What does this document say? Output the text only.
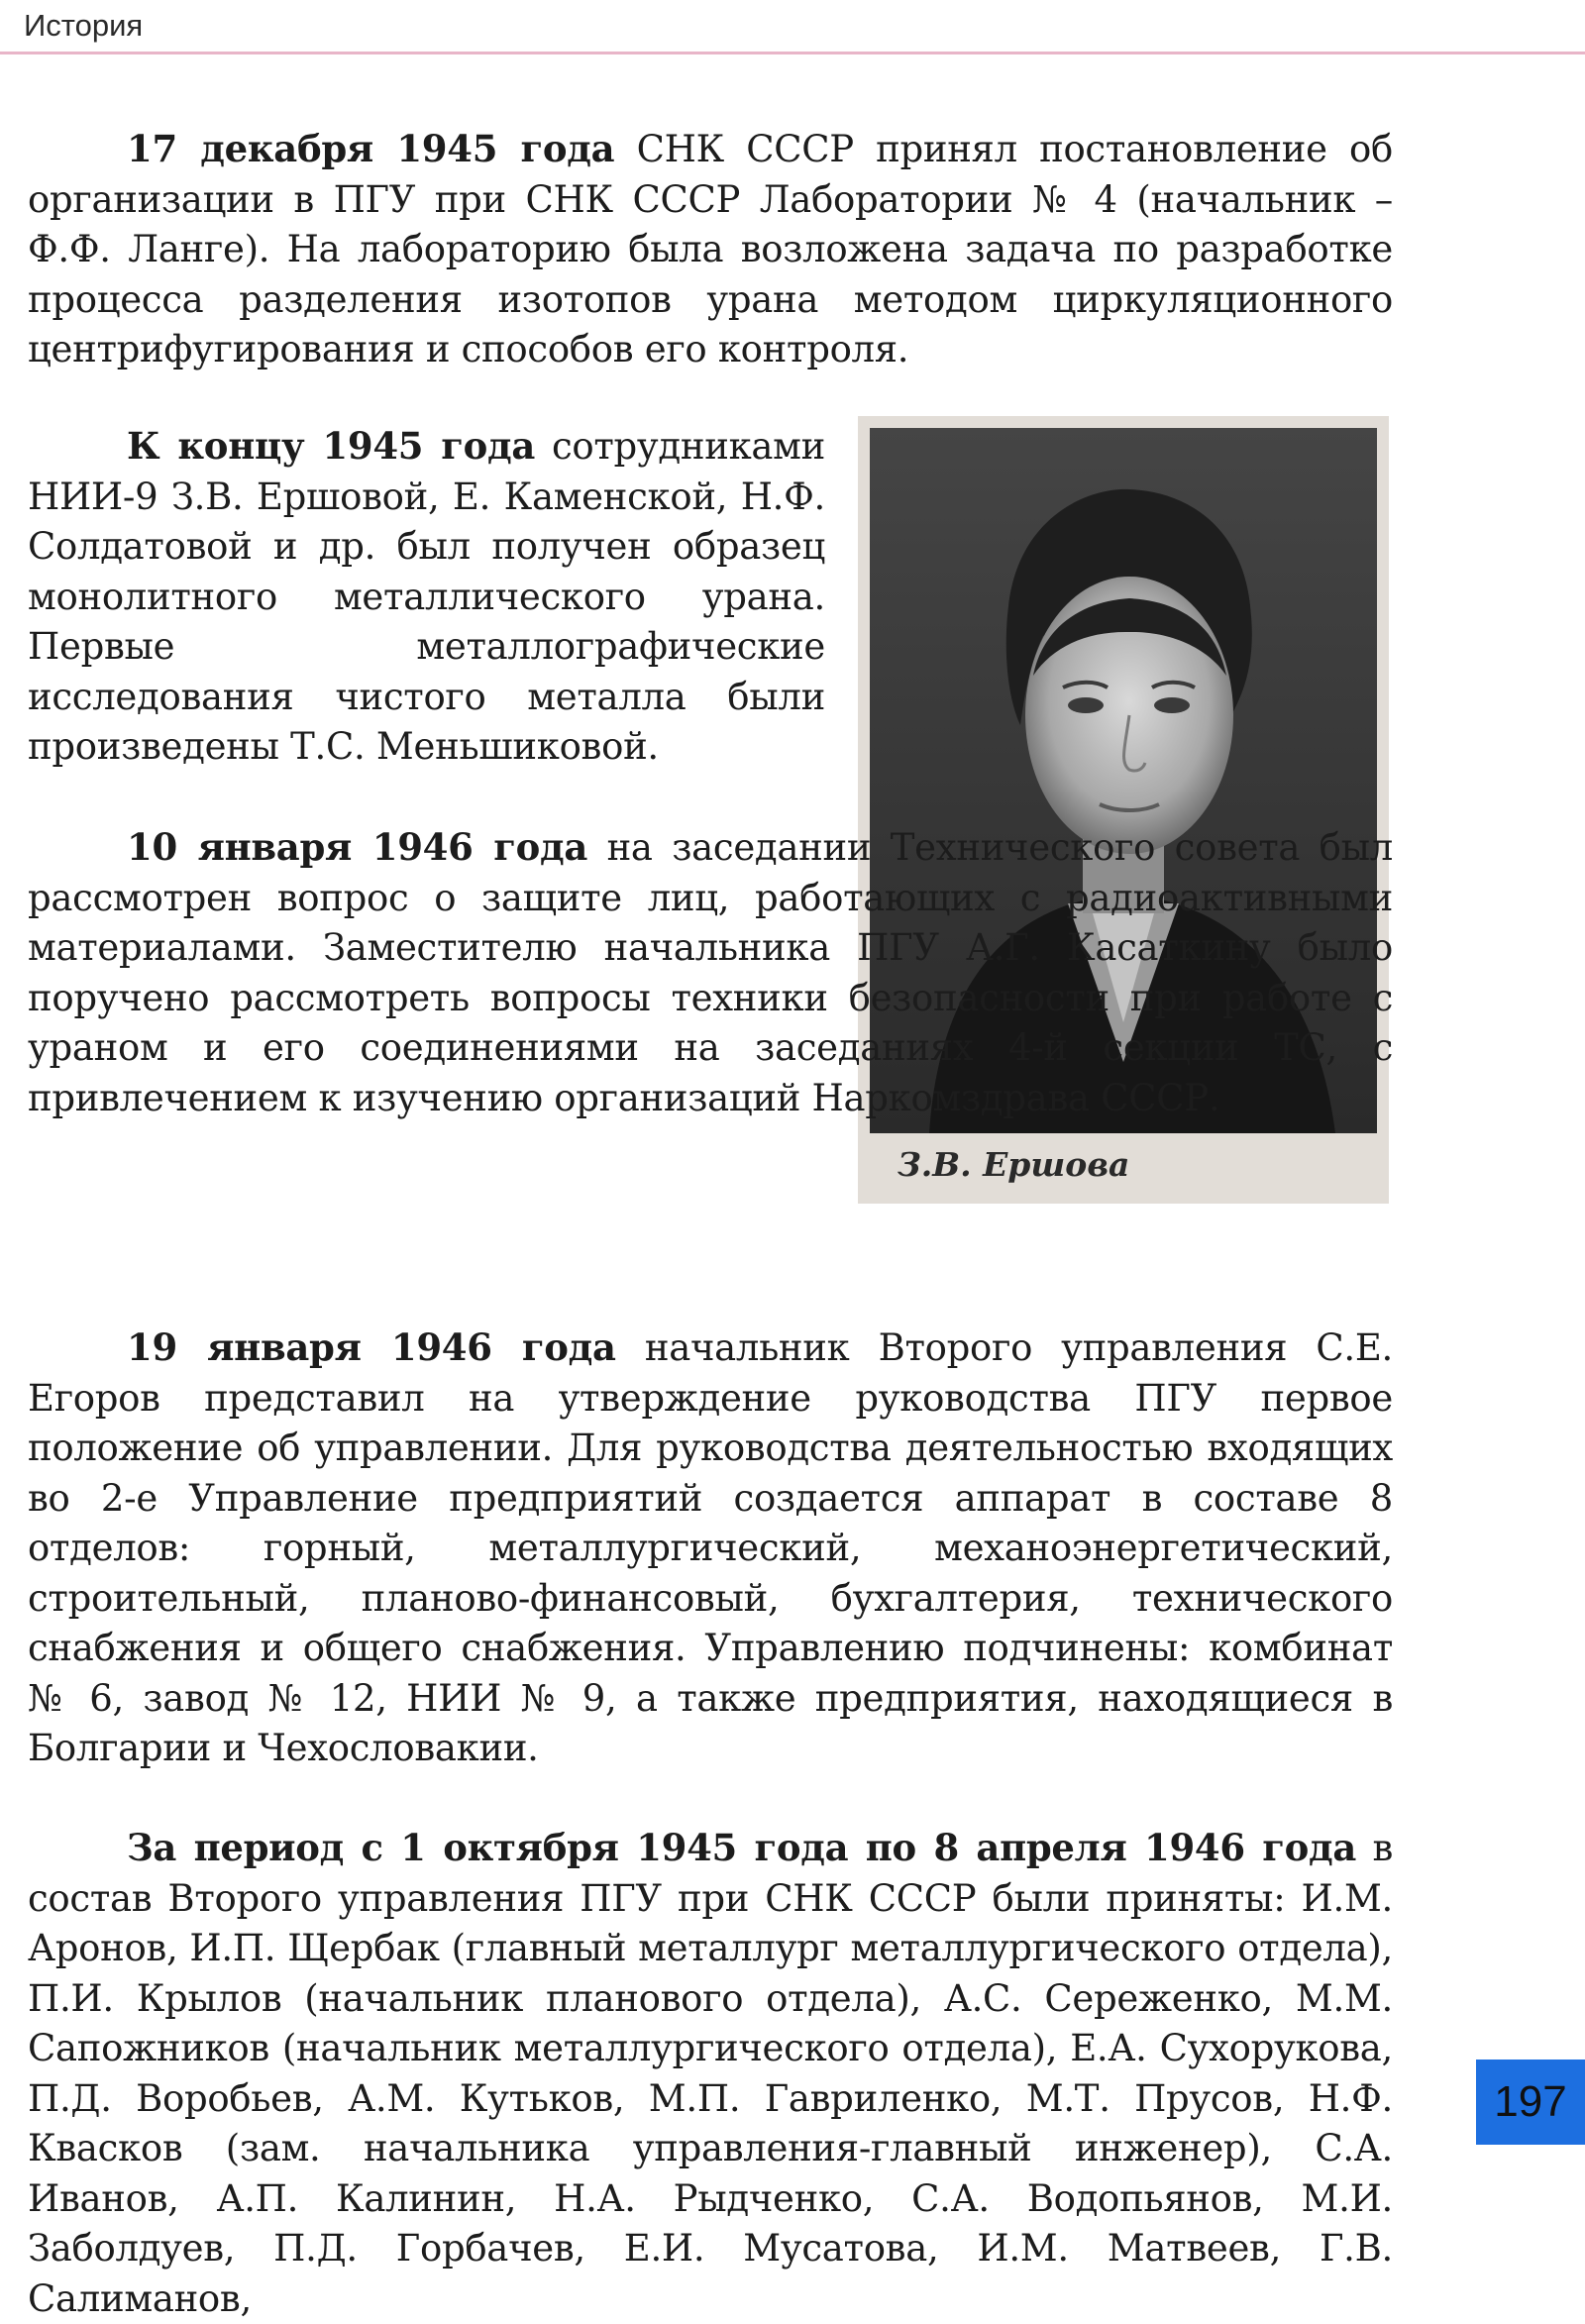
История

17 декабря 1945 года СНК СССР принял постановление об организации в ПГУ при СНК СССР Лаборатории № 4 (начальник – Ф.Ф. Ланге). На лабораторию была возложена задача по разработке процесса разделения изотопов урана методом циркуляционного центрифугирования и способов его контроля.

К концу 1945 года сотрудниками НИИ-9 З.В. Ершовой, Е. Каменской, Н.Ф. Солдатовой и др. был получен образец монолитного металлического урана. Первые металлографические исследования чистого металла были произведены Т.С. Меньшиковой.

З.В. Ершова

10 января 1946 года на заседании Технического совета был рассмотрен вопрос о защите лиц, работающих с радиоактивными материалами. Заместителю начальника ПГУ А.Г. Касаткину было поручено рассмотреть вопросы техники безопасности при работе с ураном и его соединениями на заседаниях 4-й секции ТС, с привлечением к изучению организаций Наркомздрава СССР.

19 января 1946 года начальник Второго управления С.Е. Егоров представил на утверждение руководства ПГУ первое положение об управлении. Для руководства деятельностью входящих во 2-е Управление предприятий создается аппарат в составе 8 отделов: горный, металлургический, механоэнергетический, строительный, планово-финансовый, бухгалтерия, технического снабжения и общего снабжения. Управлению подчинены: комбинат № 6, завод № 12, НИИ № 9, а также предприятия, находящиеся в Болгарии и Чехословакии.

За период с 1 октября 1945 года по 8 апреля 1946 года в состав Второго управления ПГУ при СНК СССР были приняты: И.М. Аронов, И.П. Щербак (главный металлург металлургического отдела), П.И. Крылов (начальник планового отдела), А.С. Сереженко, М.М. Сапожников (начальник металлургического отдела), Е.А. Сухорукова, П.Д. Воробьев, А.М. Кутьков, М.П. Гавриленко, М.Т. Прусов, Н.Ф. Квасков (зам. начальника управления-главный инженер), С.А. Иванов, А.П. Калинин, Н.А. Рыдченко, С.А. Водопьянов, М.И. Заболдуев, П.Д. Горбачев, Е.И. Мусатова, И.М. Матвеев, Г.В. Салиманов,

197
